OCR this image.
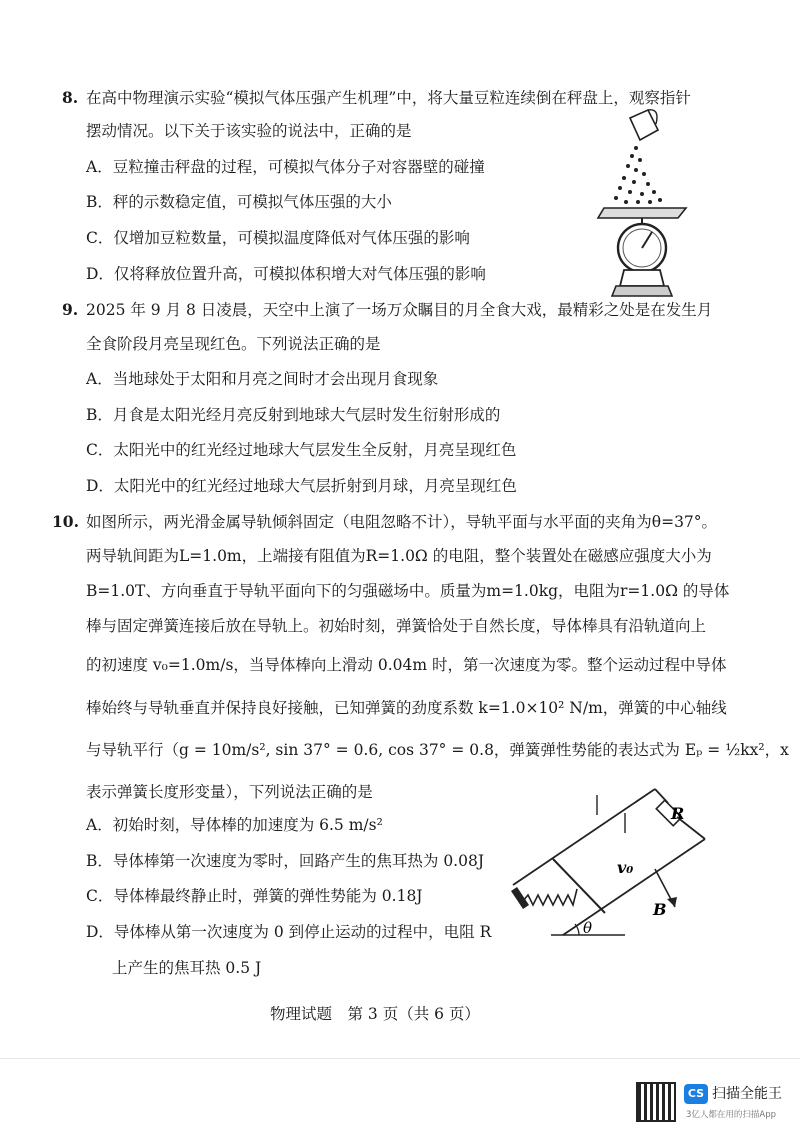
8. 在高中物理演示实验“模拟气体压强产生机理”中，将大量豆粒连续倒在秤盘上，观察指针
摆动情况。以下关于该实验的说法中，正确的是
A．豆粒撞击秤盘的过程，可模拟气体分子对容器壁的碰撞
B．秤的示数稳定值，可模拟气体压强的大小
C．仅增加豆粒数量，可模拟温度降低对气体压强的影响
D．仅将释放位置升高，可模拟体积增大对气体压强的影响
9. 2025 年 9 月 8 日凌晨，天空中上演了一场万众瞩目的月全食大戏，最精彩之处是在发生月
全食阶段月亮呈现红色。下列说法正确的是
A．当地球处于太阳和月亮之间时才会出现月食现象
B．月食是太阳光经月亮反射到地球大气层时发生衍射形成的
C．太阳光中的红光经过地球大气层发生全反射，月亮呈现红色
D．太阳光中的红光经过地球大气层折射到月球，月亮呈现红色
10. 如图所示，两光滑金属导轨倾斜固定（电阻忽略不计），导轨平面与水平面的夹角为θ=37°。
两导轨间距为L=1.0m，上端接有阻值为R=1.0Ω 的电阻，整个装置处在磁感应强度大小为
B=1.0T、方向垂直于导轨平面向下的匀强磁场中。质量为m=1.0kg，电阻为r=1.0Ω 的导体
棒与固定弹簧连接后放在导轨上。初始时刻，弹簧恰处于自然长度，导体棒具有沿轨道向上
的初速度 v₀=1.0m/s，当导体棒向上滑动 0.04m 时，第一次速度为零。整个运动过程中导体
棒始终与导轨垂直并保持良好接触，已知弹簧的劲度系数 k=1.0×10² N/m，弹簧的中心轴线
与导轨平行（g = 10m/s², sin 37° = 0.6, cos 37° = 0.8，弹簧弹性势能的表达式为 Eₚ = ½kx²，x
表示弹簧长度形变量），下列说法正确的是
A．初始时刻，导体棒的加速度为 6.5 m/s²
B．导体棒第一次速度为零时，回路产生的焦耳热为 0.08J
C．导体棒最终静止时，弹簧的弹性势能为 0.18J
D．导体棒从第一次速度为 0 到停止运动的过程中，电阻 R
上产生的焦耳热 0.5 J
R
v₀
B
θ
物理试题　第 3 页（共 6 页）
CS 扫描全能王
3亿人都在用的扫描App
